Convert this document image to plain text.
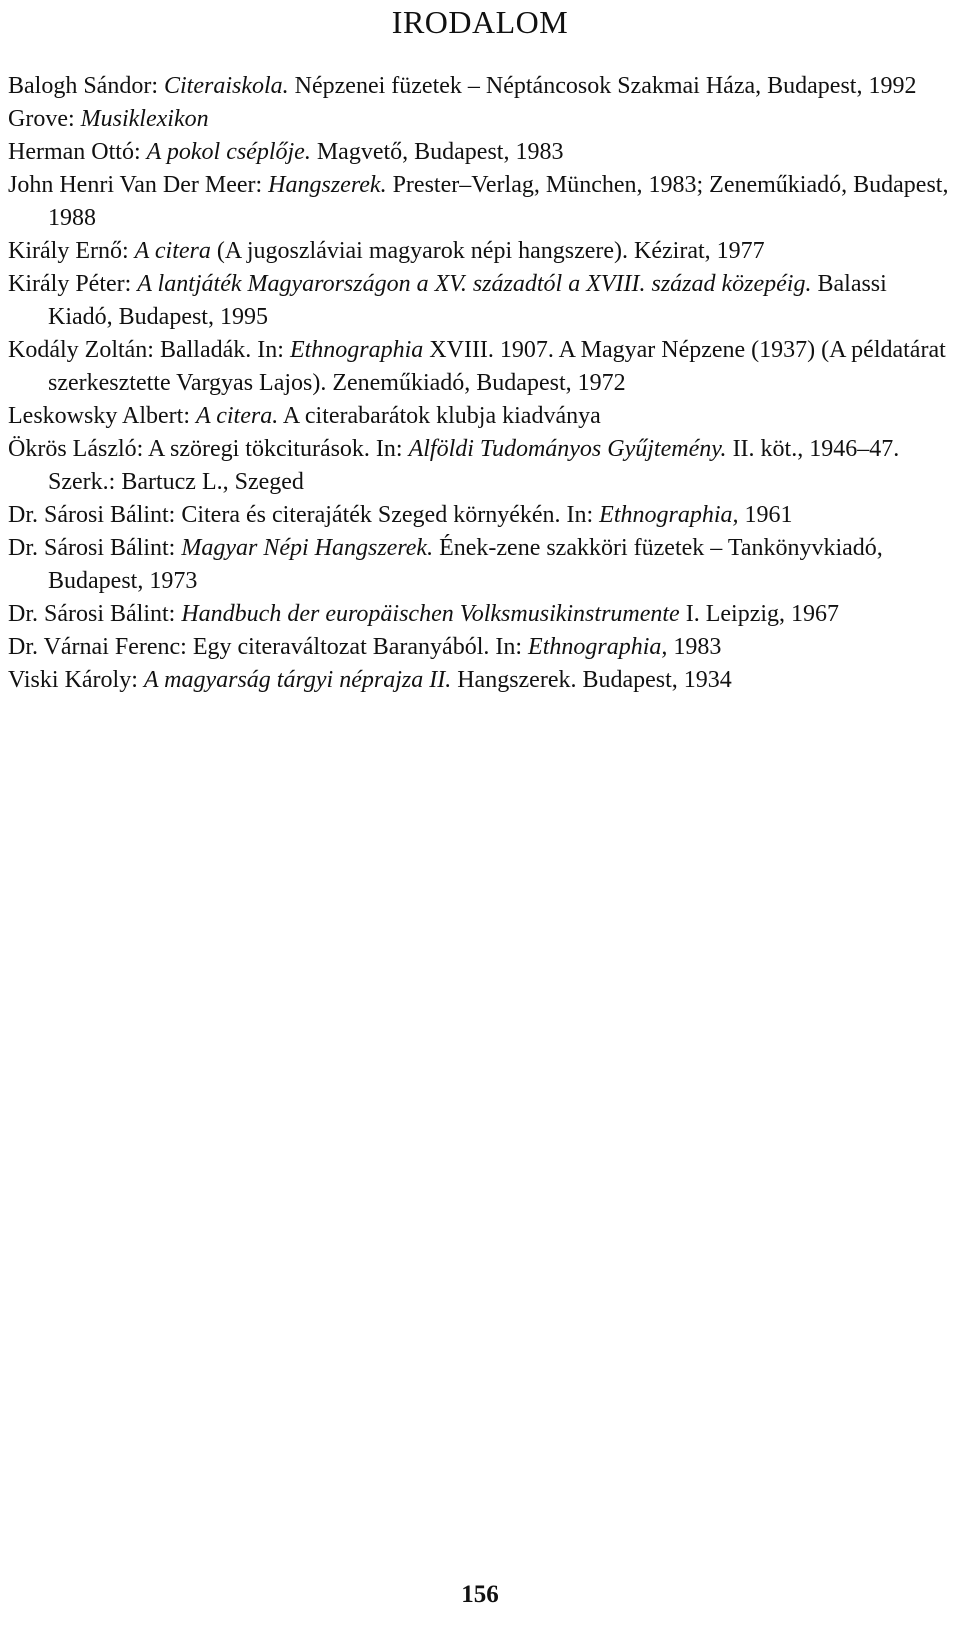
IRODALOM
Balogh Sándor: Citeraiskola. Népzenei füzetek – Néptáncosok Szakmai Háza, Budapest, 1992
Grove: Musiklexikon
Herman Ottó: A pokol cséplője. Magvető, Budapest, 1983
John Henri Van Der Meer: Hangszerek. Prester–Verlag, München, 1983; Zeneműkiadó, Budapest, 1988
Király Ernő: A citera (A jugoszláviai magyarok népi hangszere). Kézirat, 1977
Király Péter: A lantjáték Magyarországon a XV. századtól a XVIII. század közepéig. Balassi Kiadó, Budapest, 1995
Kodály Zoltán: Balladák. In: Ethnographia XVIII. 1907. A Magyar Népzene (1937) (A példatárat szerkesztette Vargyas Lajos). Zeneműkiadó, Budapest, 1972
Leskowsky Albert: A citera. A citerabarátok klubja kiadványa
Ökrös László: A szöregi tökciturások. In: Alföldi Tudományos Gyűjtemény. II. köt., 1946–47. Szerk.: Bartucz L., Szeged
Dr. Sárosi Bálint: Citera és citerajáték Szeged környékén. In: Ethnographia, 1961
Dr. Sárosi Bálint: Magyar Népi Hangszerek. Ének-zene szakköri füzetek – Tankönyvkiadó, Budapest, 1973
Dr. Sárosi Bálint: Handbuch der europäischen Volksmusikinstrumente I. Leipzig, 1967
Dr. Várnai Ferenc: Egy citeraváltozat Baranyából. In: Ethnographia, 1983
Viski Károly: A magyarság tárgyi néprajza II. Hangszerek. Budapest, 1934
156
